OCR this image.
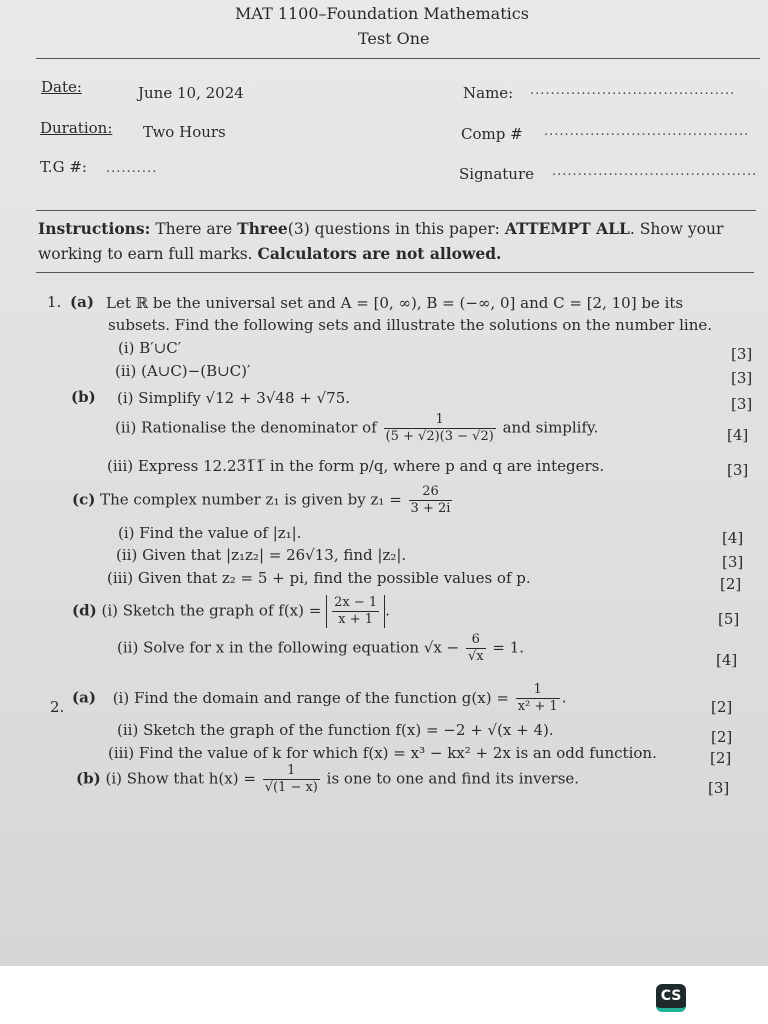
MAT 1100–Foundation Mathematics
Test One
Date:	June 10, 2024
Duration: Two Hours
T.G #: ..........
Name: ........................................
Comp # ........................................
Signature ........................................
Instructions: There are Three(3) questions in this paper: ATTEMPT ALL. Show your
working to earn full marks. Calculators are not allowed.
1. (a) Let ℝ be the universal set and A = [0, ∞), B = (−∞, 0] and C = [2, 10] be its
subsets. Find the following sets and illustrate the solutions on the number line.
(i) B′∪C′	[3]
(ii) (A∪C)−(B∪C)′	[3]
(b) (i) Simplify √12 + 3√48 + √75.	[3]
(ii) Rationalise the denominator of $\frac{1}{(5 + √2)(3 - √2)}$ and simplify.	[4]
(iii) Express 12.23̅1̅1̅ in the form p/q, where p and q are integers.	[3]
(c) The complex number z₁ is given by $z_1 = \frac{26}{3 + 2i}$
(i) Find the value of |z₁|.	[4]
(ii) Given that |z₁z₂| = 26√13, find |z₂|.	[3]
(iii) Given that z₂ = 5 + pi, find the possible values of p.	[2]
(d) (i) Sketch the graph of $f(x) = \frac{2x - 1}{x + 1}$ .	[5]
(ii) Solve for x in the following equation $√x - \frac{6}{√x} = 1$.
[4]
2.
(a) (i) Find the domain and range of the function $g(x) = \frac{1}{\text{x² + 1}}$ .
[2]
(ii) Sketch the graph of the function f(x) = −2 + √(x + 4).	[2]
(iii) Find the value of k for which f(x) = x³ − kx² + 2x is an odd function.	[2]
(b) (i) Show that $h(x) = \frac{1}{√(1 - x)}$ is one to one and find its inverse.
[3]
CS
